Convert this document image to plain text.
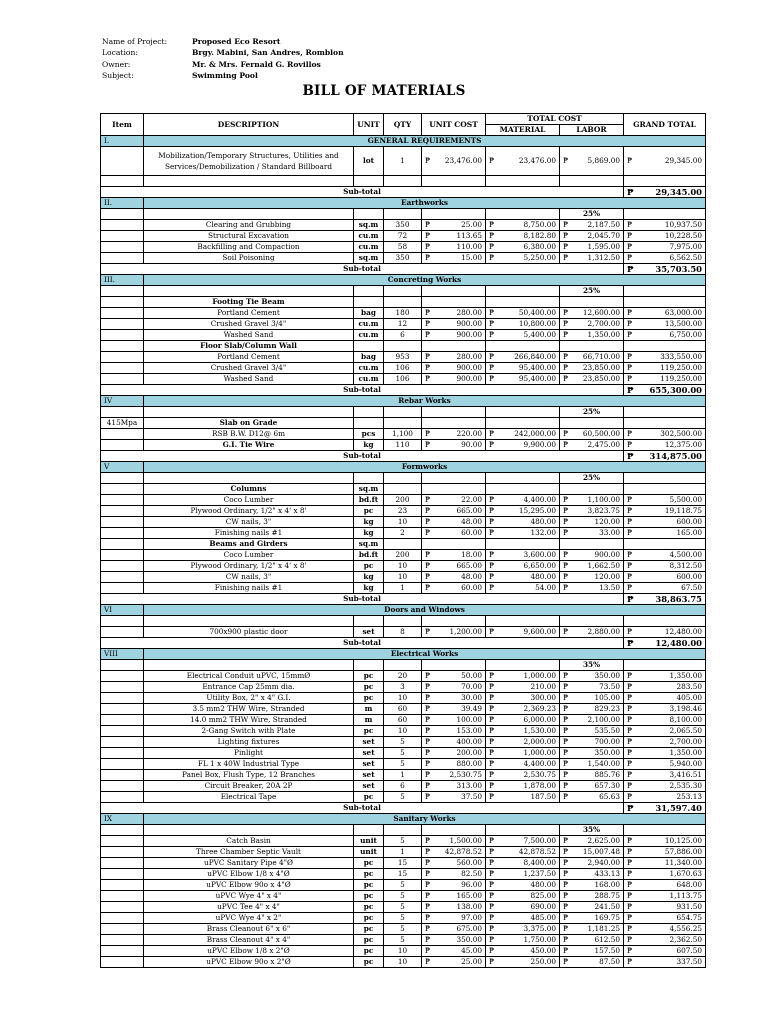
Name of Project:	Proposed Eco Resort
Location:	Brgy. Mabini, San Andres, Romblon
Owner:	Mr. & Mrs. Fernald G. Rovillos
Subject:	Swimming Pool
BILL OF MATERIALS
Item	DESCRIPTION	UNIT	QTY	UNIT COST	TOTAL COST		GRAND TOTAL
					MATERIAL	LABOR	
I.	GENERAL REQUIREMENTS						
	Mobilization/Temporary Structures, Utilities and Services/Demobilization / Standard Billboard	lot	1	₱ 23,476.00	₱ 23,476.00	₱ 5,869.00	₱ 29,345.00

Sub-total							₱ 29,345.00

II.	Earthworks						
						25%	
	Clearing and Grubbing	sq.m	350	₱ 25.00	₱ 8,750.00	₱ 2,187.50	₱ 10,937.50

	Structural Excavation	cu.m	72	₱ 113.65	₱ 8,182.80	₱ 2,045.70	₱ 10,228.50

	Backfilling and Compaction	cu.m	58	₱ 110.00	₱ 6,380.00	₱ 1,595.00	₱ 7,975.00

	Soil Poisoning	sq.m	350	₱ 15.00	₱ 5,250.00	₱ 1,312.50	₱ 6,562.50

Sub-total							₱ 35,703.50

III.	Concreting Works						
						25%	
	Footing Tie Beam						
	Portland Cement	bag	180	₱ 280.00	₱ 50,400.00	₱ 12,600.00	₱ 63,000.00

	Crushed Gravel 3/4"	cu.m	12	₱ 900.00	₱ 10,800.00	₱ 2,700.00	₱ 13,500.00

	Washed Sand	cu.m	6	₱ 900.00	₱ 5,400.00	₱ 1,350.00	₱ 6,750.00

	Floor Slab/Column Wall						
	Portland Cement	bag	953	₱ 280.00	₱ 266,840.00	₱ 66,710.00	₱ 333,550.00

	Crushed Gravel 3/4"	cu.m	106	₱ 900.00	₱ 95,400.00	₱ 23,850.00	₱ 119,250.00

	Washed Sand	cu.m	106	₱ 900.00	₱ 95,400.00	₱ 23,850.00	₱ 119,250.00

Sub-total							₱ 655,300.00

IV	Rebar Works						
						25%	
415Mpa	Slab on Grade						
	RSB B.W. D12@ 6m	pcs	1,100	₱ 220.00	₱ 242,000.00	₱ 60,500.00	₱ 302,500.00

	G.I. Tie Wire	kg	110	₱ 90.00	₱ 9,900.00	₱ 2,475.00	₱ 12,375.00

Sub-total							₱ 314,875.00

V	Formworks						
						25%	
	Columns	sq.m					
	Coco Lumber	bd.ft	200	₱ 22.00	₱ 4,400.00	₱ 1,100.00	₱ 5,500.00

	Plywood Ordinary, 1/2" x 4' x 8'	pc	23	₱ 665.00	₱ 15,295.00	₱ 3,823.75	₱ 19,118.75

	CW nails, 3"	kg	10	₱ 48.00	₱ 480.00	₱ 120.00	₱ 600.00

	Finishing nails #1	kg	2	₱ 60.00	₱ 132.00	₱ 33.00	₱ 165.00

	Beams and Girders	sq.m					
	Coco Lumber	bd.ft	200	₱ 18.00	₱ 3,600.00	₱ 900.00	₱ 4,500.00

	Plywood Ordinary, 1/2" x 4' x 8'	pc	10	₱ 665.00	₱ 6,650.00	₱ 1,662.50	₱ 8,312.50

	CW nails, 3"	kg	10	₱ 48.00	₱ 480.00	₱ 120.00	₱ 600.00

	Finishing nails #1	kg	1	₱ 60.00	₱ 54.00	₱ 13.50	₱ 67.50

Sub-total							₱ 38,863.75

VI	Doors and Windows						

	700x900 plastic door	set	8	₱ 1,200.00	₱ 9,600.00	₱ 2,880.00	₱ 12,480.00

Sub-total							₱ 12,480.00

VIII	Electrical Works						
						35%	
	Electrical Conduit uPVC, 15mmØ	pc	20	₱ 50.00	₱ 1,000.00	₱ 350.00	₱ 1,350.00

	Entrance Cap 25mm dia.	pc	3	₱ 70.00	₱ 210.00	₱ 73.50	₱ 283.50

	Utility Box, 2" x 4" G.I.	pc	10	₱ 30.00	₱ 300.00	₱ 105.00	₱ 405.00

	3.5 mm2 THW Wire, Stranded	m	60	₱ 39.49	₱ 2,369.23	₱ 829.23	₱ 3,198.46

	14.0 mm2 THW Wire, Stranded	m	60	₱ 100.00	₱ 6,000.00	₱ 2,100.00	₱ 8,100.00

	2-Gang Switch with Plate	pc	10	₱ 153.00	₱ 1,530.00	₱ 535.50	₱ 2,065.50

	Lighting fixtures	set	5	₱ 400.00	₱ 2,000.00	₱ 700.00	₱ 2,700.00

	Pinlight	set	5	₱ 200.00	₱ 1,000.00	₱ 350.00	₱ 1,350.00

	FL 1 x 40W Industrial Type	set	5	₱ 880.00	₱ 4,400.00	₱ 1,540.00	₱ 5,940.00

	Panel Box, Flush Type, 12 Branches	set	1	₱ 2,530.75	₱ 2,530.75	₱ 885.76	₱ 3,416.51

	Circuit Breaker, 20A 2P	set	6	₱ 313.00	₱ 1,878.00	₱ 657.30	₱ 2,535.30

	Electrical Tape	pc	5	₱ 37.50	₱ 187.50	₱ 65.63	₱ 253.13

Sub-total							₱ 31,597.40

IX	Sanitary Works						
						35%	
	Catch Basin	unit	5	₱ 1,500.00	₱ 7,500.00	₱ 2,625.00	₱ 10,125.00

	Three Chamber Septic Vault	unit	1	₱ 42,878.52	₱ 42,878.52	₱ 15,007.48	₱ 57,886.00

	uPVC Sanitary Pipe 4"Ø	pc	15	₱ 560.00	₱ 8,400.00	₱ 2,940.00	₱ 11,340.00

	uPVC Elbow 1/8 x 4"Ø	pc	15	₱ 82.50	₱ 1,237.50	₱ 433.13	₱ 1,670.63

	uPVC Elbow 90o x 4"Ø	pc	5	₱ 96.00	₱ 480.00	₱ 168.00	₱ 648.00

	uPVC Wye 4" x 4"	pc	5	₱ 165.00	₱ 825.00	₱ 288.75	₱ 1,113.75

	uPVC Tee 4" x 4"	pc	5	₱ 138.00	₱ 690.00	₱ 241.50	₱ 931.50

	uPVC Wye 4" x 2"	pc	5	₱ 97.00	₱ 485.00	₱ 169.75	₱ 654.75

	Brass Cleanout 6" x 6"	pc	5	₱ 675.00	₱ 3,375.00	₱ 1,181.25	₱ 4,556.25

	Brass Cleanout 4" x 4"	pc	5	₱ 350.00	₱ 1,750.00	₱ 612.50	₱ 2,362.50

	uPVC Elbow 1/8 x 2"Ø	pc	10	₱ 45.00	₱ 450.00	₱ 157.50	₱ 607.50

	uPVC Elbow 90o x 2"Ø	pc	10	₱ 25.00	₱ 250.00	₱ 87.50	₱ 337.50
